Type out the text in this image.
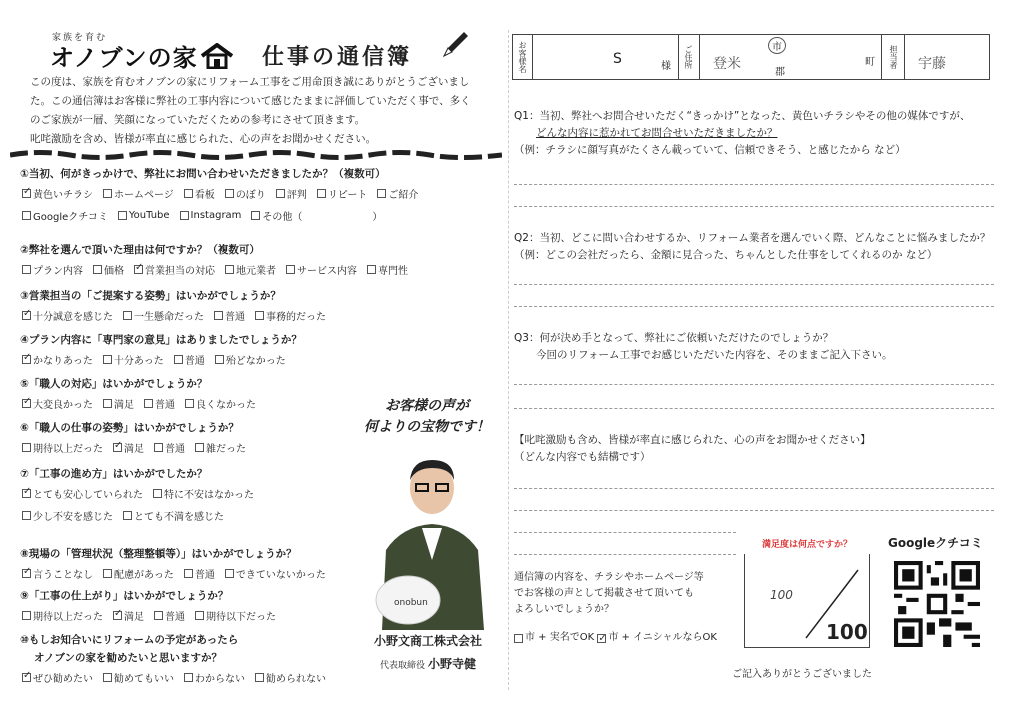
家族を育む
オノブンの家	仕事の通信簿
この度は、家族を育むオノブンの家にリフォーム工事をご用命頂き誠にありがとうございまし
た。この通信簿はお客様に弊社の工事内容について感じたままに評価していただく事で、多く
のご家族が一層、笑顔になっていただくための参考にさせて頂きます。
叱咤激励を含め、皆様が率直に感じられた、心の声をお聞かせください。
①当初、何がきっかけで、弊社にお問い合わせいただきましたか？（複数可）
✓
黄色いチラシ ホームページ 看板 のぼり 評判 リピート ご紹介
Googleクチコミ YouTube Instagram その他（　　　　　　　）
②弊社を選んで頂いた理由は何ですか？（複数可）
プラン内容 価格 ✓ 営業担当の対応 地元業者 サービス内容 専門性
③営業担当の「ご提案する姿勢」はいかがでしょうか？
✓
十分誠意を感じた 一生懸命だった 普通 事務的だった
④プラン内容に「専門家の意見」はありましたでしょうか？
✓
かなりあった 十分あった 普通 殆どなかった
⑤「職人の対応」はいかがでしょうか？
✓
大変良かった 満足 普通 良くなかった
⑥「職人の仕事の姿勢」はいかがでしょうか？
期待以上だった ✓ 満足 普通 雑だった
⑦「工事の進め方」はいかがでしたか？
✓
とても安心していられた 特に不安はなかった
少し不安を感じた とても不満を感じた
⑧現場の「管理状況（整理整頓等）」はいかがでしょうか？
✓
言うことなし 配慮があった 普通 できていないかった
⑨「工事の仕上がり」はいかがでしょうか？
期待以上だった ✓ 満足 普通 期待以下だった
⑩もしお知合いにリフォームの予定があったら
オノブンの家を勧めたいと思いますか？
✓
ぜひ勧めたい 勧めてもいい わからない 勧められない
お客様の声が
何よりの宝物です！
onobun
小野文商工株式会社
代表取締役 小野寺健
お客様名	S	様	ご住所	登米
市
郡
町	担当者	宇藤
Q1：当初、弊社へお問合せいただく“きっかけ”となった、黄色いチラシやその他の媒体ですが、
どんな内容に惹かれてお問合せいただきましたか？
（例：チラシに顔写真がたくさん載っていて、信頼できそう、と感じたから など）
Q2：当初、どこに問い合わせするか、リフォーム業者を選んでいく際、どんなことに悩みましたか？
（例：どこの会社だったら、金額に見合った、ちゃんとした仕事をしてくれるのか など）
Q3：何が決め手となって、弊社にご依頼いただけたのでしょうか？
今回のリフォーム工事でお感じいただいた内容を、そのままご記入下さい。
【叱咤激励も含め、皆様が率直に感じられた、心の声をお聞かせください】
（どんな内容でも結構です）
満足度は何点ですか？
100
100
Googleクチコミ
通信簿の内容を、チラシやホームページ等
でお客様の声として掲載させて頂いても
よろしいでしょうか？
市 + 実名でOK
✓ 市 + イニシャルならOK
ご記入ありがとうございました
